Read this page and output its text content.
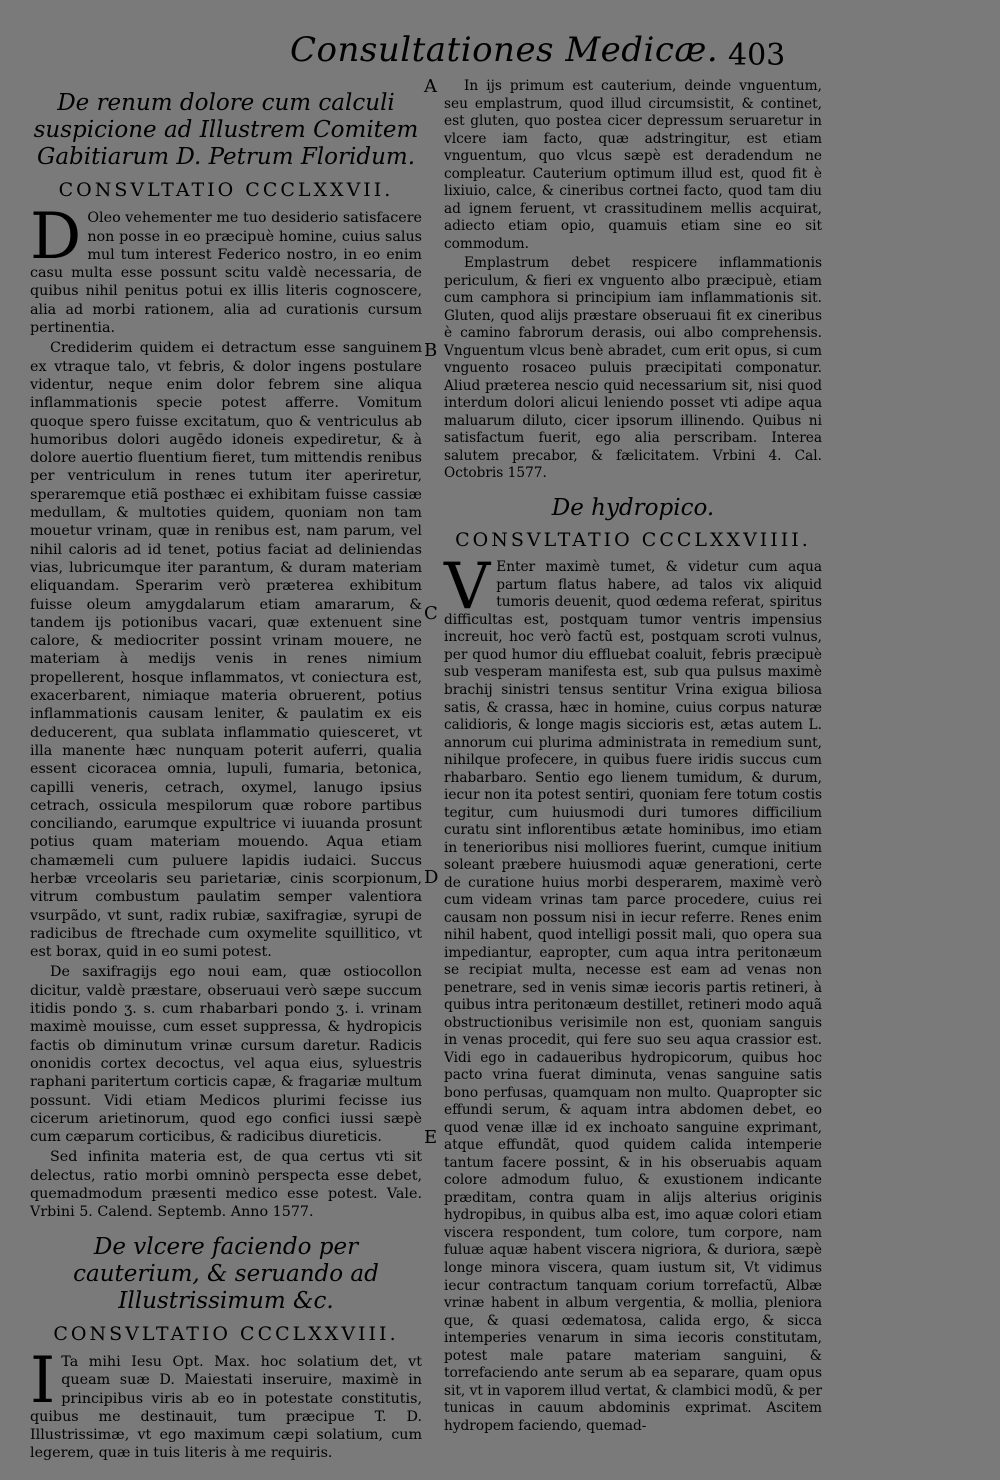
Consultationes Medicæ. 403
A
B
C
D
E
De renum dolore cum calculi suspicione ad Illustrem Comitem Gabitiarum D. Petrum Floridum.
CONSVLTATIO CCCLXXVII.

D Oleo vehementer me tuo desiderio satisfacere non posse in eo præcipuè homine, cuius salus mul tum interest Federico nostro, in eo enim casu multa esse possunt scitu valdè necessaria, de quibus nihil penitus potui ex illis literis cognoscere, alia ad morbi rationem, alia ad curationis cursum pertinentia.

Crediderim quidem ei detractum esse sanguinem ex vtraque talo, vt febris, & dolor ingens postulare videntur, neque enim dolor febrem sine aliqua inflammationis specie potest afferre. Vomitum quoque spero fuisse excitatum, quo & ventriculus ab humoribus dolori augēdo idoneis expediretur, & à dolore auertio fluentium fieret, tum mittendis renibus per ventriculum in renes tutum iter aperiretur, speraremque etiã posthæc ei exhibitam fuisse cassiæ medullam, & multoties quidem, quoniam non tam mouetur vrinam, quæ in renibus est, nam parum, vel nihil caloris ad id tenet, potius faciat ad deliniendas vias, lubricumque iter parantum, & duram materiam eliquandam. Sperarim verò præterea exhibitum fuisse oleum amygdalarum etiam amararum, & tandem ijs potionibus vacari, quæ extenuent sine calore, & mediocriter possint vrinam mouere, ne materiam à medijs venis in renes nimium propellerent, hosque inflammatos, vt coniectura est, exacerbarent, nimiaque materia obruerent, potius inflammationis causam leniter, & paulatim ex eis deducerent, qua sublata inflammatio quiesceret, vt illa manente hæc nunquam poterit auferri, qualia essent cicoracea omnia, lupuli, fumaria, betonica, capilli veneris, cetrach, oxymel, lanugo ipsius cetrach, ossicula mespilorum quæ robore partibus conciliando, earumque expultrice vi iuuanda prosunt potius quam materiam mouendo. Aqua etiam chamæmeli cum puluere lapidis iudaici. Succus herbæ vrceolaris seu parietariæ, cinis scorpionum, vitrum combustum paulatim semper valentiora vsurpãdo, vt sunt, radix rubiæ, saxifragiæ, syrupi de radicibus de ftrechade cum oxymelite squillitico, vt est borax, quid in eo sumi potest.

De saxifragijs ego noui eam, quæ ostiocollon dicitur, valdè præstare, obseruaui verò sæpe succum itidis pondo ʒ. s. cum rhabarbari pondo ʒ. i. vrinam maximè mouisse, cum esset suppressa, & hydropicis factis ob diminutum vrinæ cursum daretur. Radicis ononidis cortex decoctus, vel aqua eius, syluestris raphani paritertum corticis capæ, & fragariæ multum possunt. Vidi etiam Medicos plurimi fecisse ius cicerum arietinorum, quod ego confici iussi sæpè cum cæparum corticibus, & radicibus diureticis.

Sed infinita materia est, de qua certus vti sit delectus, ratio morbi omninò perspecta esse debet, quemadmodum præsenti medico esse potest. Vale. Vrbini 5. Calend. Septemb. Anno 1577.

De vlcere faciendo per cauterium, & seruando ad Illustrissimum &c.
CONSVLTATIO CCCLXXVIII.

I Ta mihi Iesu Opt. Max. hoc solatium det, vt queam suæ D. Maiestati inseruire, maximè in principibus viris ab eo in potestate constitutis, quibus me destinauit, tum præcipue T. D. Illustrissimæ, vt ego maximum cæpi solatium, cum legerem, quæ in tuis literis à me requiris.

In ijs primum est cauterium, deinde vnguentum, seu emplastrum, quod illud circumsistit, & continet, est gluten, quo postea cicer depressum seruaretur in vlcere iam facto, quæ adstringitur, est etiam vnguentum, quo vlcus sæpè est deradendum ne compleatur. Cauterium optimum illud est, quod fit è lixiuio, calce, & cineribus cortnei facto, quod tam diu ad ignem feruent, vt crassitudinem mellis acquirat, adiecto etiam opio, quamuis etiam sine eo sit commodum.

Emplastrum debet respicere inflammationis periculum, & fieri ex vnguento albo præcipuè, etiam cum camphora si principium iam inflammationis sit. Gluten, quod alijs præstare obseruaui fit ex cineribus è camino fabrorum derasis, oui albo comprehensis. Vnguentum vlcus benè abradet, cum erit opus, si cum vnguento rosaceo puluis præcipitati componatur. Aliud præterea nescio quid necessarium sit, nisi quod interdum dolori alicui leniendo posset vti adipe aqua maluarum diluto, cicer ipsorum illinendo. Quibus ni satisfactum fuerit, ego alia perscribam. Interea salutem precabor, & fælicitatem. Vrbini 4. Cal. Octobris 1577.

De hydropico.
CONSVLTATIO CCCLXXVIIII.

V Enter maximè tumet, & videtur cum aqua partum flatus habere, ad talos vix aliquid tumoris deuenit, quod œdema referat, spiritus difficultas est, postquam tumor ventris impensius increuit, hoc verò factũ est, postquam scroti vulnus, per quod humor diu effluebat coaluit, febris præcipuè sub vesperam manifesta est, sub qua pulsus maximè brachij sinistri tensus sentitur Vrina exigua biliosa satis, & crassa, hæc in homine, cuius corpus naturæ calidioris, & longe magis siccioris est, ætas autem L. annorum cui plurima administrata in remedium sunt, nihilque profecere, in quibus fuere iridis succus cum rhabarbaro. Sentio ego lienem tumidum, & durum, iecur non ita potest sentiri, quoniam fere totum costis tegitur, cum huiusmodi duri tumores difficilium curatu sint inflorentibus ætate hominibus, imo etiam in tenerioribus nisi molliores fuerint, cumque initium soleant præbere huiusmodi aquæ generationi, certe de curatione huius morbi desperarem, maximè verò cum videam vrinas tam parce procedere, cuius rei causam non possum nisi in iecur referre. Renes enim nihil habent, quod intelligi possit mali, quo opera sua impediantur, eapropter, cum aqua intra peritonæum se recipiat multa, necesse est eam ad venas non penetrare, sed in venis simæ iecoris partis retineri, à quibus intra peritonæum destillet, retineri modo aquã obstructionibus verisimile non est, quoniam sanguis in venas procedit, qui fere suo seu aqua crassior est. Vidi ego in cadaueribus hydropicorum, quibus hoc pacto vrina fuerat diminuta, venas sanguine satis bono perfusas, quamquam non multo. Quapropter sic effundi serum, & aquam intra abdomen debet, eo quod venæ illæ id ex inchoato sanguine exprimant, atque effundãt, quod quidem calida intemperie tantum facere possint, & in his obseruabis aquam colore admodum fuluo, & exustionem indicante præditam, contra quam in alijs alterius originis hydropibus, in quibus alba est, imo aquæ colori etiam viscera respondent, tum colore, tum corpore, nam fuluæ aquæ habent viscera nigriora, & duriora, sæpè longe minora viscera, quam iustum sit, Vt vidimus iecur contractum tanquam corium torrefactũ, Albæ vrinæ habent in album vergentia, & mollia, pleniora que, & quasi œdematosa, calida ergo, & sicca intemperies venarum in sima iecoris constitutam, potest male patare materiam sanguini, & torrefaciendo ante serum ab ea separare, quam opus sit, vt in vaporem illud vertat, & clambici modũ, & per tunicas in cauum abdominis exprimat. Ascitem hydropem faciendo, quemad-
